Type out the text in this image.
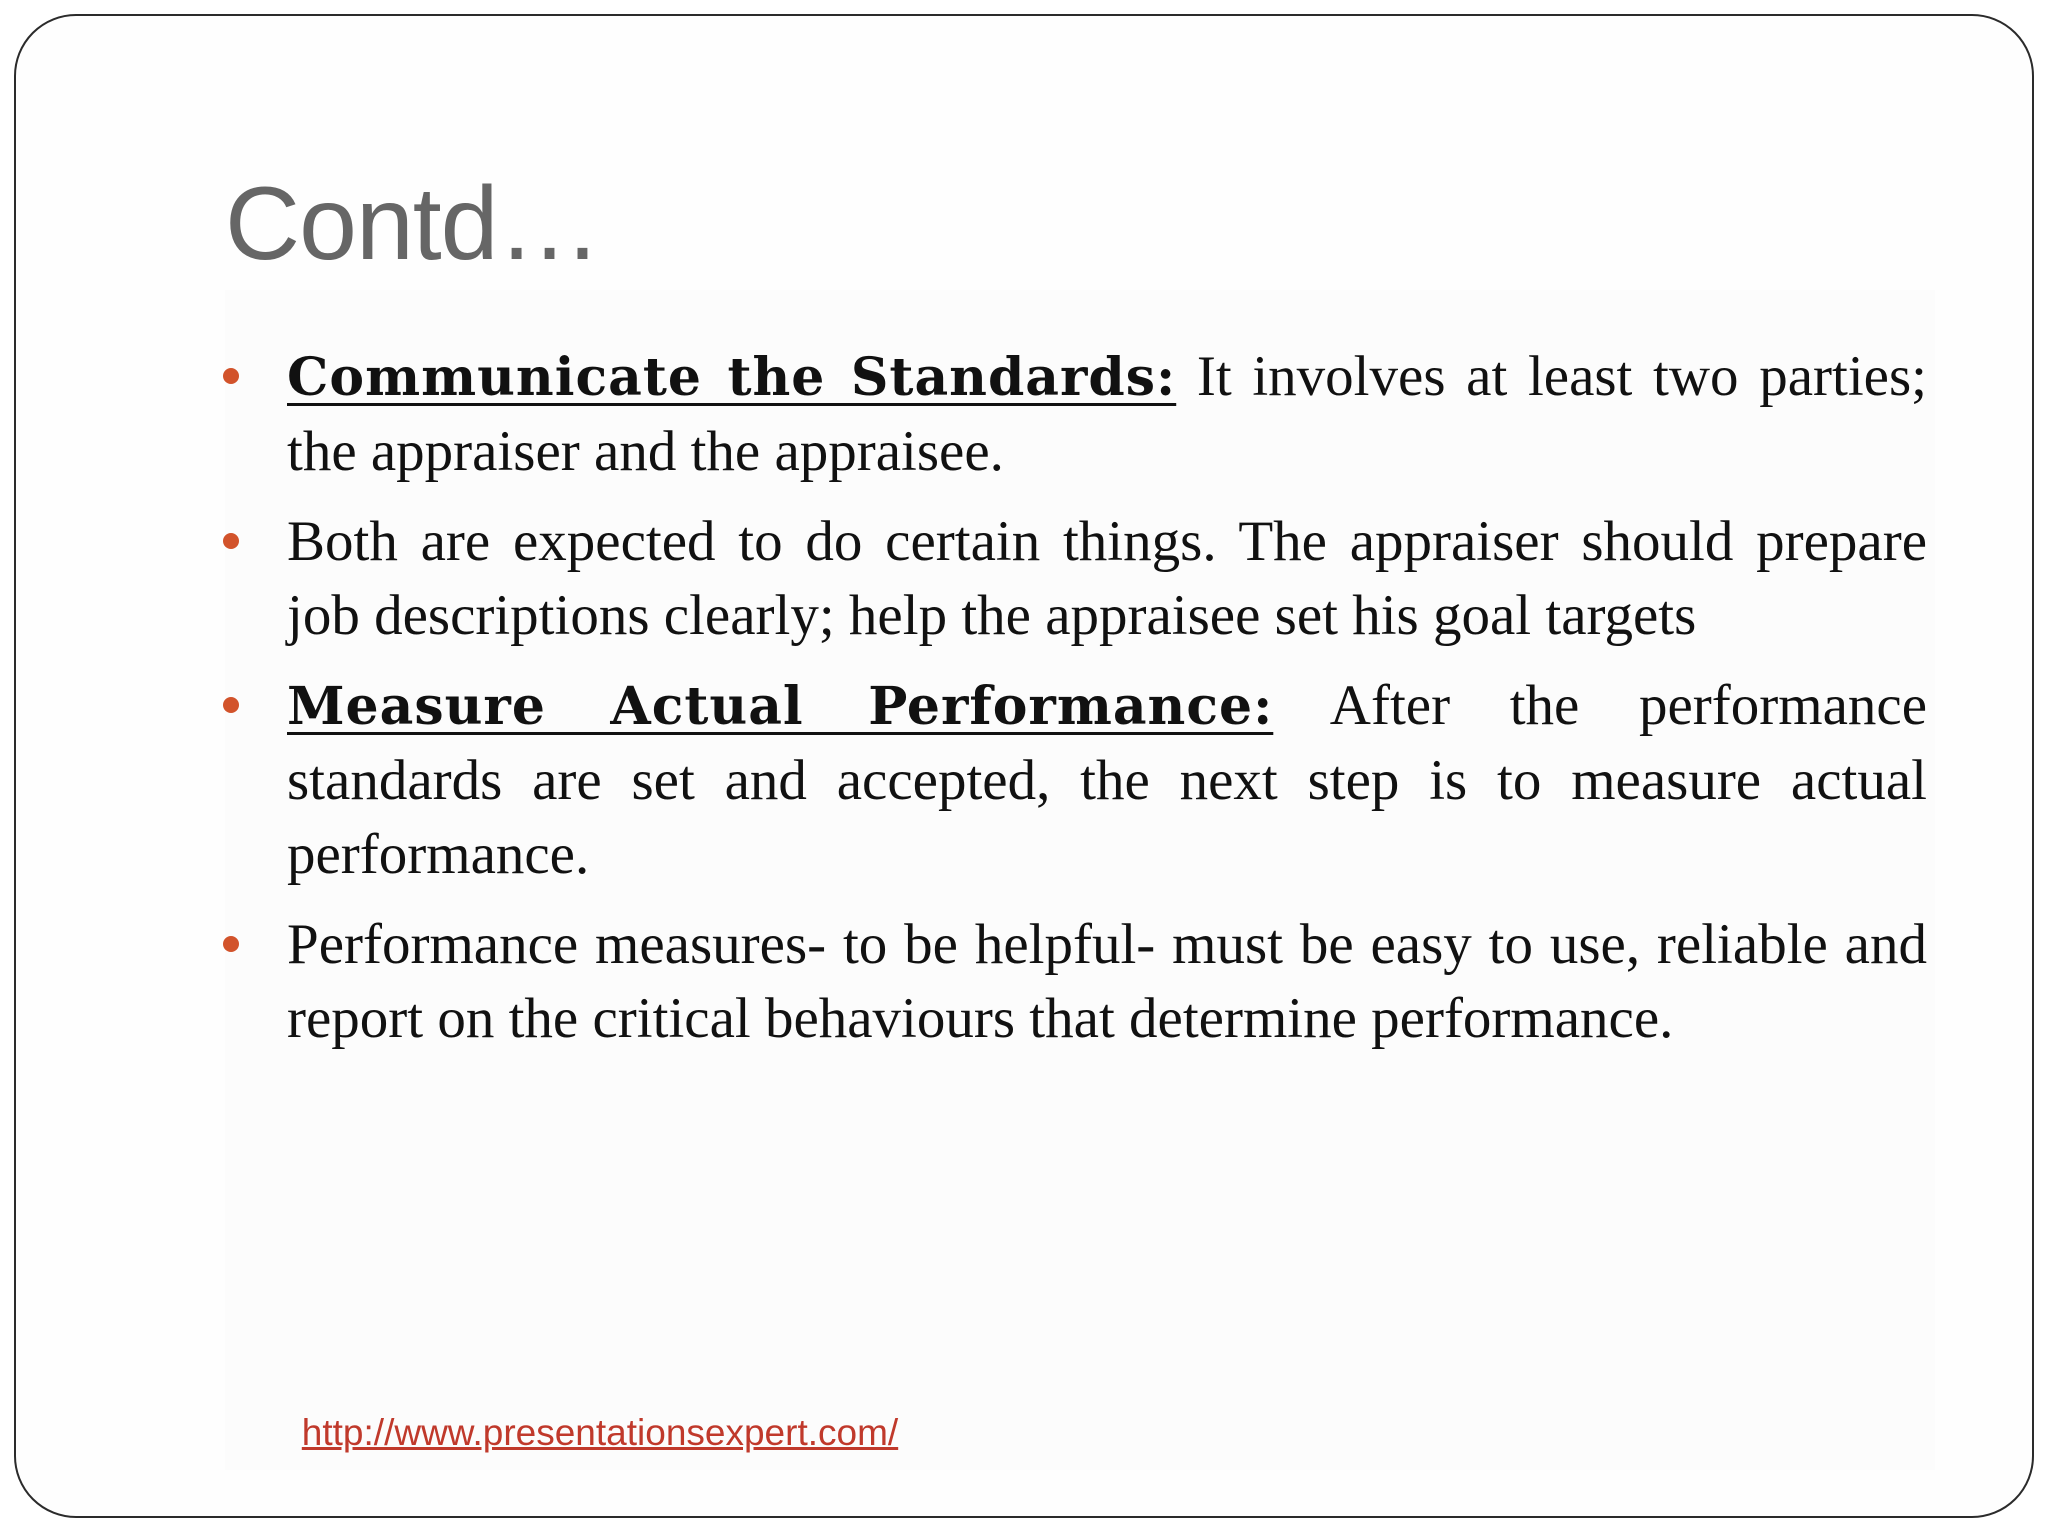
Contd…
Communicate the Standards: It involves at least two parties; the appraiser and the appraisee.
Both are expected to do certain things. The appraiser should prepare job descriptions clearly; help the appraisee set his goal targets
Measure Actual Performance: After the performance standards are set and accepted, the next step is to measure actual performance.
Performance measures- to be helpful- must be easy to use, reliable and report on the critical behaviours that determine performance.
http://www.presentationsexpert.com/
